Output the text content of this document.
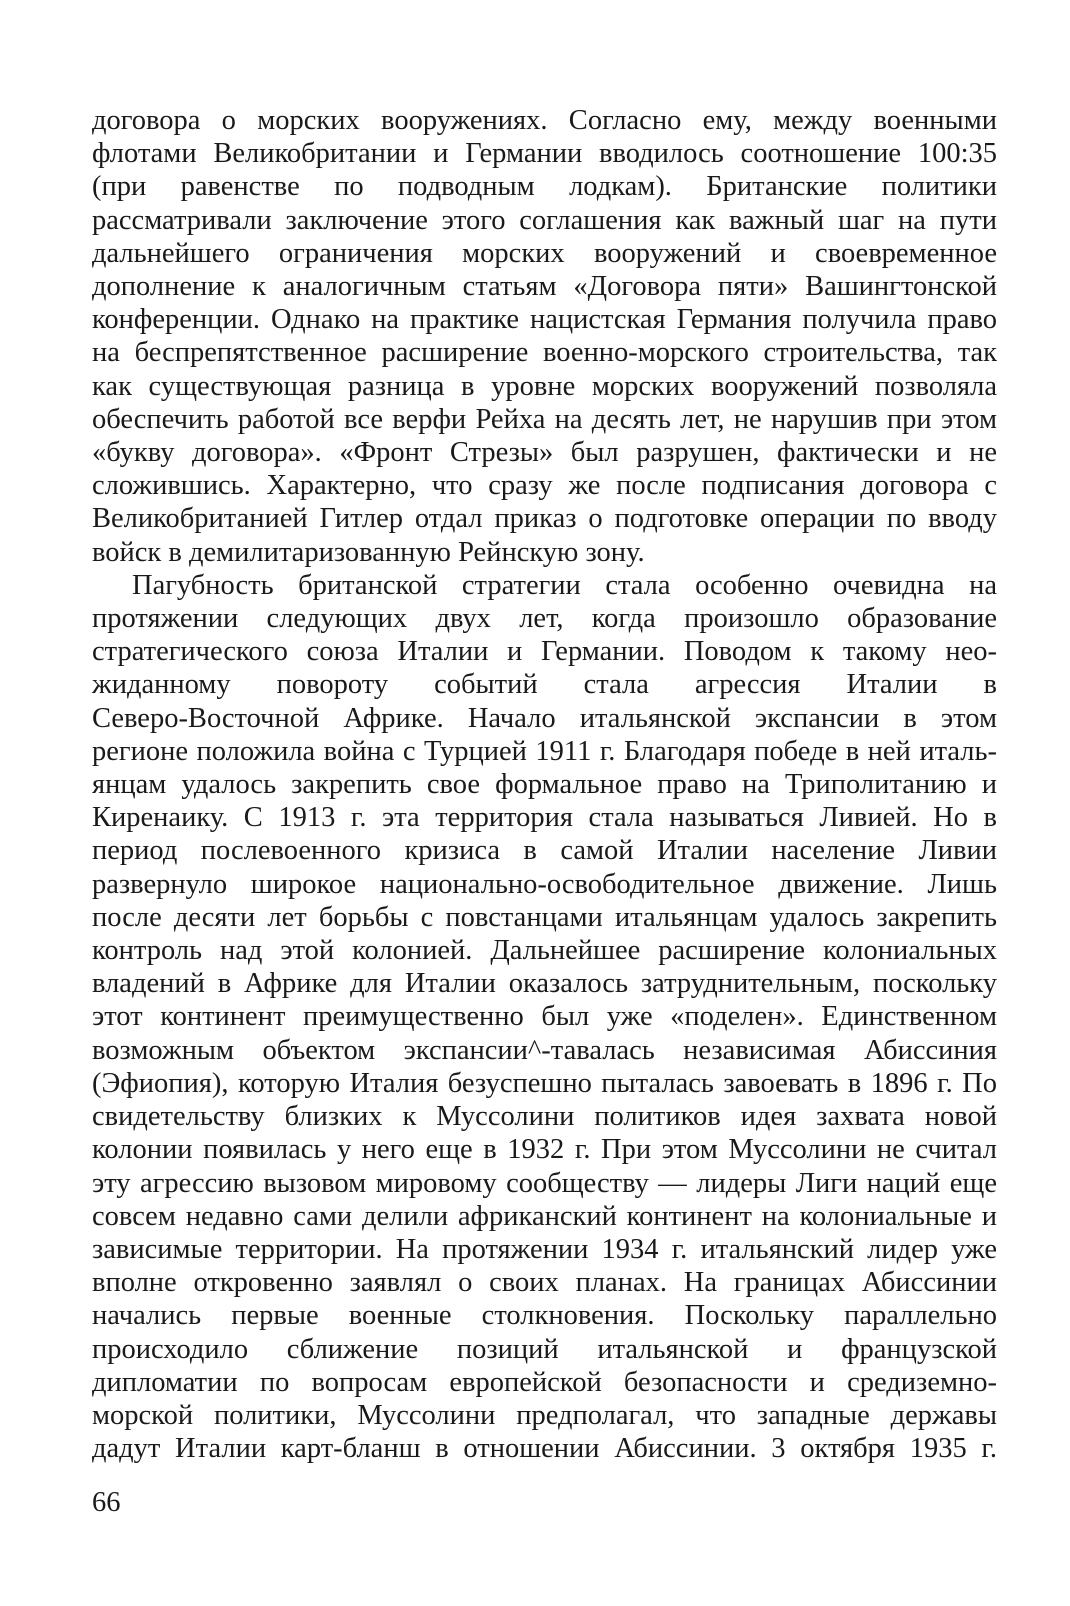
договора о морских вооружениях. Согласно ему, между военными
флотами Великобритании и Германии вводилось соотношение 100:35
(при равенстве по подводным лодкам). Британские политики
рассматривали заключение этого соглашения как важный шаг на пути
дальнейшего ограничения морских вооружений и своевременное
дополнение к аналогичным статьям «Договора пяти» Вашингтонской
конференции. Однако на практике нацистская Германия получила право
на беспрепятственное расширение военно-морского строительства, так
как существующая разница в уровне морских вооружений позволяла
обеспечить работой все верфи Рейха на десять лет, не нарушив при этом
«букву договора». «Фронт Стрезы» был разрушен, фактически и не
сложившись. Характерно, что сразу же после подписания договора с
Великобританией Гитлер отдал приказ о подготовке операции по вводу
войск в демилитаризованную Рейнскую зону.

Пагубность британской стратегии стала особенно очевидна на
протяжении следующих двух лет, когда произошло образование
стратегического союза Италии и Германии. Поводом к такому нео-
жиданному повороту событий стала агрессия Италии в
Северо-Восточной Африке. Начало итальянской экспансии в этом
регионе положила война с Турцией 1911 г. Благодаря победе в ней италь-
янцам удалось закрепить свое формальное право на Триполитанию и
Киренаику. С 1913 г. эта территория стала называться Ливией. Но в
период послевоенного кризиса в самой Италии население Ливии
развернуло широкое национально-освободительное движение. Лишь
после десяти лет борьбы с повстанцами итальянцам удалось закрепить
контроль над этой колонией. Дальнейшее расширение колониальных
владений в Африке для Италии оказалось затруднительным, поскольку
этот континент преимущественно был уже «поделен». Единственном
возможным объектом экспансии^-тавалась независимая Абиссиния
(Эфиопия), которую Италия безуспешно пыталась завоевать в 1896 г. По
свидетельству близких к Муссолини политиков идея захвата новой
колонии появилась у него еще в 1932 г. При этом Муссолини не считал
эту агрессию вызовом мировому сообществу — лидеры Лиги наций еще
совсем недавно сами делили африканский континент на колониальные и
зависимые территории. На протяжении 1934 г. итальянский лидер уже
вполне откровенно заявлял о своих планах. На границах Абиссинии
начались первые военные столкновения. Поскольку параллельно
происходило сближение позиций итальянской и французской
дипломатии по вопросам европейской безопасности и средиземно-
морской политики, Муссолини предполагал, что западные державы
дадут Италии карт-бланш в отношении Абиссинии. 3 октября 1935 г.

66
